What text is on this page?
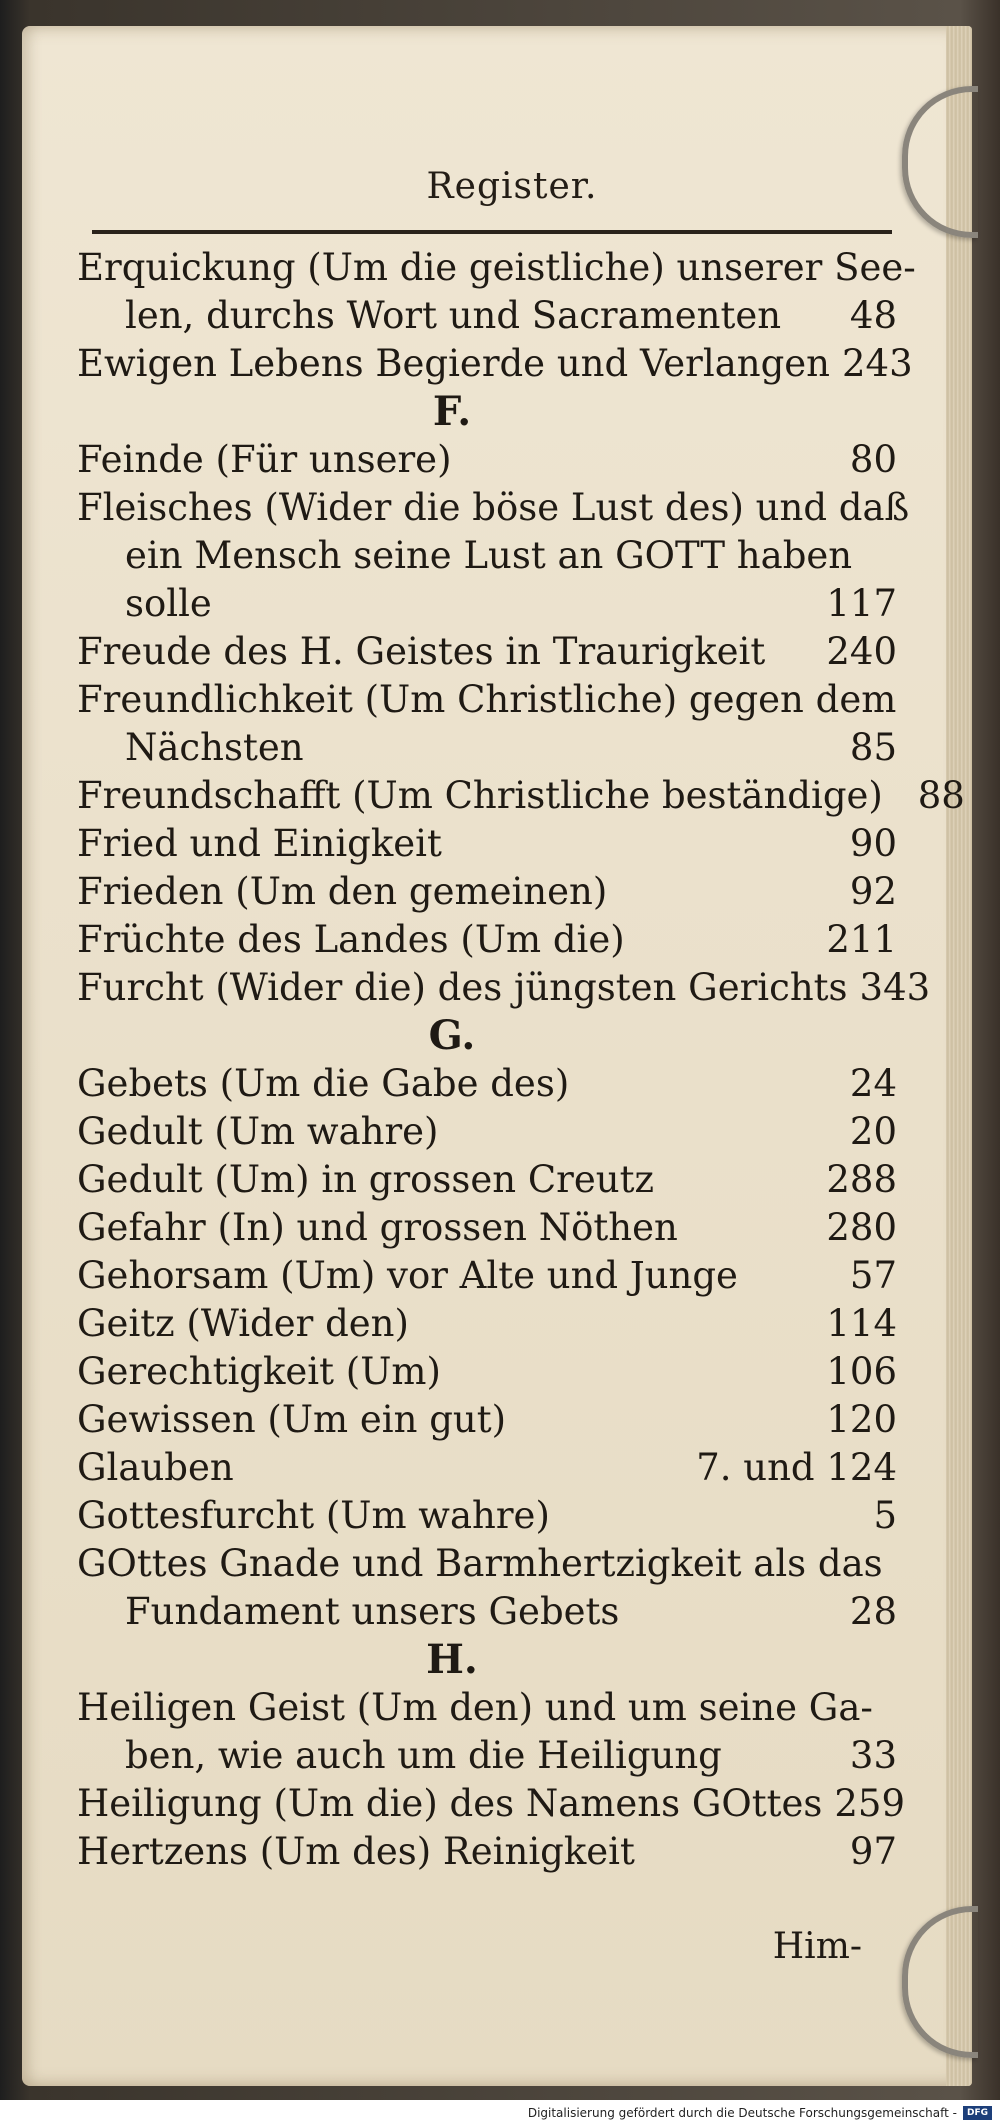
Register.
Erquickung (Um die geistliche) unserer See-
len, durchs Wort und Sacramenten	48
Ewigen Lebens Begierde und Verlangen 243
F.
Feinde (Für unsere)	80
Fleisches (Wider die böse Lust des) und daß
ein Mensch seine Lust an GOTT haben
solle	117
Freude des H. Geistes in Traurigkeit	240
Freundlichkeit (Um Christliche) gegen dem
Nächsten	85
Freundschafft (Um Christliche beständige) 88
Fried und Einigkeit	90
Frieden (Um den gemeinen)	92
Früchte des Landes (Um die)	211
Furcht (Wider die) des jüngsten Gerichts 343
G.
Gebets (Um die Gabe des)	24
Gedult (Um wahre)	20
Gedult (Um) in grossen Creutz	288
Gefahr (In) und grossen Nöthen	280
Gehorsam (Um) vor Alte und Junge	57
Geitz (Wider den)	114
Gerechtigkeit (Um)	106
Gewissen (Um ein gut)	120
Glauben	7. und 124
Gottesfurcht (Um wahre)	5
GOttes Gnade und Barmhertzigkeit als das
Fundament unsers Gebets	28
H.
Heiligen Geist (Um den) und um seine Ga-
ben, wie auch um die Heiligung	33
Heiligung (Um die) des Namens GOttes 259
Hertzens (Um des) Reinigkeit	97
Him-
Digitalisierung gefördert durch die Deutsche Forschungsgemeinschaft -	DFG
